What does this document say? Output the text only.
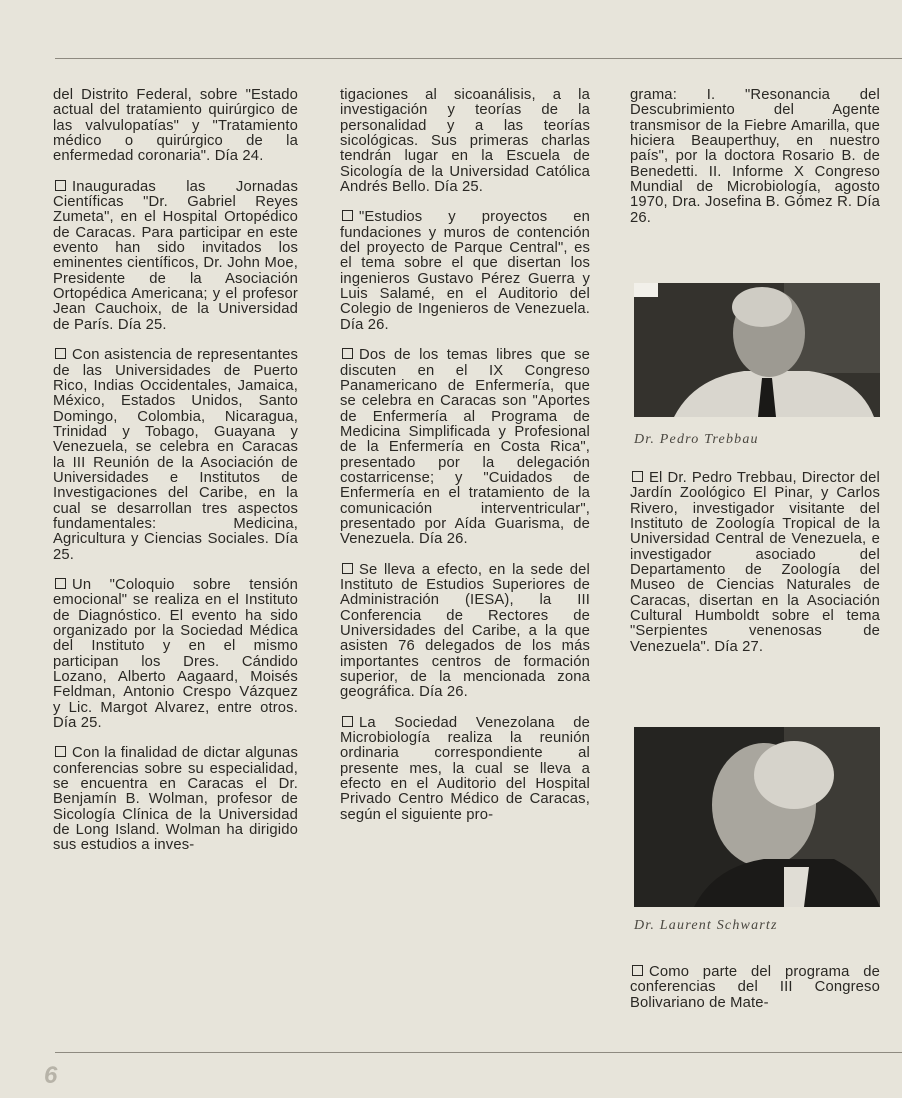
del Distrito Federal, sobre "Estado actual del tratamiento quirúrgico de las valvulopatías" y "Tratamiento médico o quirúrgico de la enfermedad coronaria". Día 24.

Inauguradas las Jornadas Científicas "Dr. Gabriel Reyes Zumeta", en el Hospital Ortopédico de Caracas. Para participar en este evento han sido invitados los eminentes científicos, Dr. John Moe, Presidente de la Asociación Ortopédica Americana; y el profesor Jean Cauchoix, de la Universidad de París. Día 25.

Con asistencia de representantes de las Universidades de Puerto Rico, Indias Occidentales, Jamaica, México, Estados Unidos, Santo Domingo, Colombia, Nicaragua, Trinidad y Tobago, Guayana y Venezuela, se celebra en Caracas la III Reunión de la Asociación de Universidades e Institutos de Investigaciones del Caribe, en la cual se desarrollan tres aspectos fundamentales: Medicina, Agricultura y Ciencias Sociales. Día 25.

Un "Coloquio sobre tensión emocional" se realiza en el Instituto de Diagnóstico. El evento ha sido organizado por la Sociedad Médica del Instituto y en el mismo participan los Dres. Cándido Lozano, Alberto Aagaard, Moisés Feldman, Antonio Crespo Vázquez y Lic. Margot Alvarez, entre otros. Día 25.

Con la finalidad de dictar algunas conferencias sobre su especialidad, se encuentra en Caracas el Dr. Benjamín B. Wolman, profesor de Sicología Clínica de la Universidad de Long Island. Wolman ha dirigido sus estudios a inves-

tigaciones al sicoanálisis, a la investigación y teorías de la personalidad y a las teorías sicológicas. Sus primeras charlas tendrán lugar en la Escuela de Sicología de la Universidad Católica Andrés Bello. Día 25.

"Estudios y proyectos en fundaciones y muros de contención del proyecto de Parque Central", es el tema sobre el que disertan los ingenieros Gustavo Pérez Guerra y Luis Salamé, en el Auditorio del Colegio de Ingenieros de Venezuela. Día 26.

Dos de los temas libres que se discuten en el IX Congreso Panamericano de Enfermería, que se celebra en Caracas son "Aportes de Enfermería al Programa de Medicina Simplificada y Profesional de la Enfermería en Costa Rica", presentado por la delegación costarricense; y "Cuidados de Enfermería en el tratamiento de la comunicación interventricular", presentado por Aída Guarisma, de Venezuela. Día 26.

Se lleva a efecto, en la sede del Instituto de Estudios Superiores de Administración (IESA), la III Conferencia de Rectores de Universidades del Caribe, a la que asisten 76 delegados de los más importantes centros de formación superior, de la mencionada zona geográfica. Día 26.

La Sociedad Venezolana de Microbiología realiza la reunión ordinaria correspondiente al presente mes, la cual se lleva a efecto en el Auditorio del Hospital Privado Centro Médico de Caracas, según el siguiente pro-

grama: I. "Resonancia del Descubrimiento del Agente transmisor de la Fiebre Amarilla, que hiciera Beauperthuy, en nuestro país", por la doctora Rosario B. de Benedetti. II. Informe X Congreso Mundial de Microbiología, agosto 1970, Dra. Josefina B. Gómez R. Día 26.

Dr. Pedro Trebbau

El Dr. Pedro Trebbau, Director del Jardín Zoológico El Pinar, y Carlos Rivero, investigador visitante del Instituto de Zoología Tropical de la Universidad Central de Venezuela, e investigador asociado del Departamento de Zoología del Museo de Ciencias Naturales de Caracas, disertan en la Asociación Cultural Humboldt sobre el tema "Serpientes venenosas de Venezuela". Día 27.

Dr. Laurent Schwartz

Como parte del programa de conferencias del III Congreso Bolivariano de Mate-

6
